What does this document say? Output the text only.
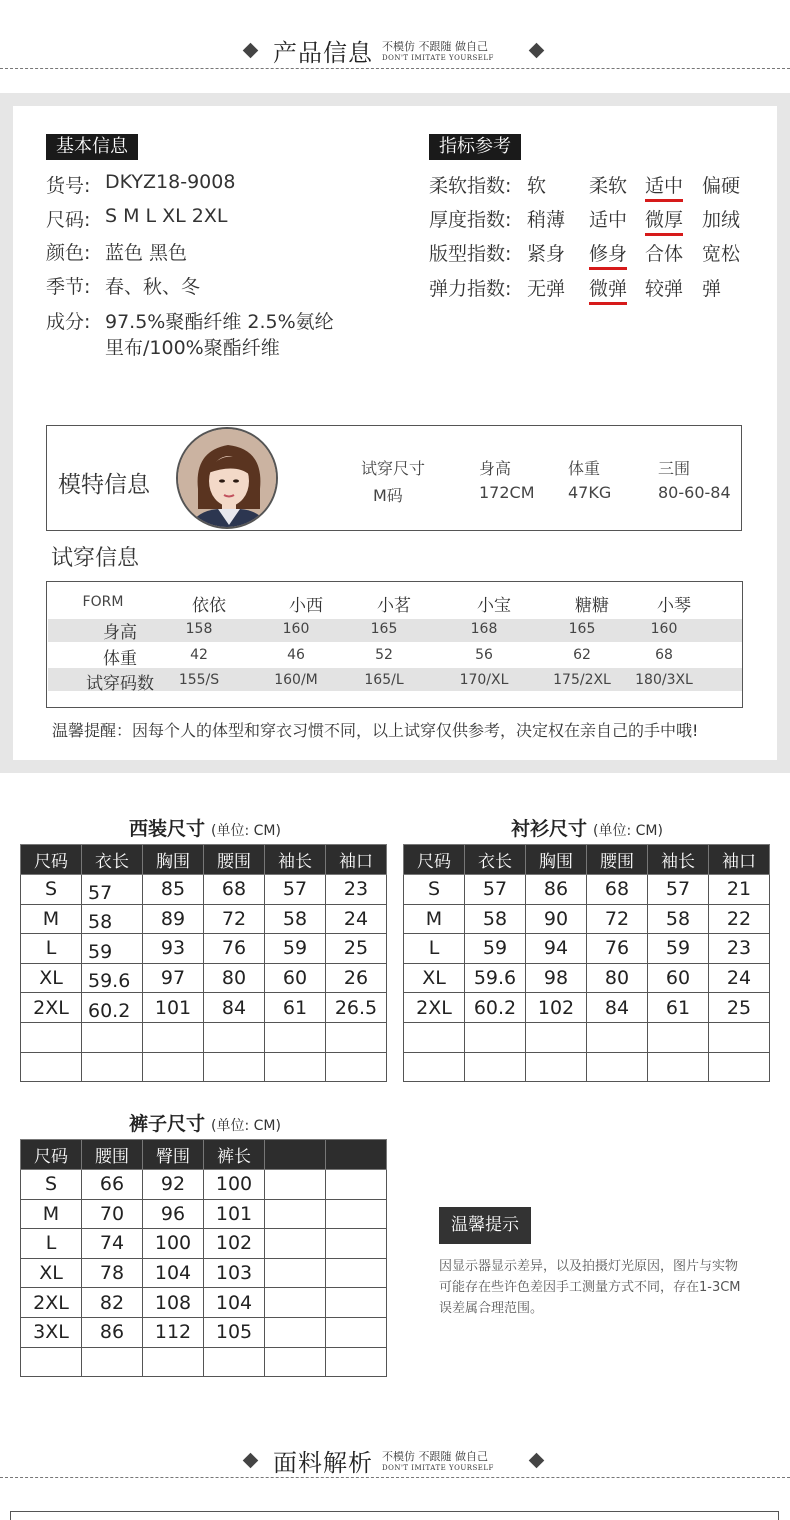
产品信息 不模仿 不跟随 做自己
DON'T IMITATE YOURSELF
基本信息
货号: DKYZ18-9008
尺码: S M L XL 2XL
颜色: 蓝色 黑色
季节: 春、秋、冬
成分: 97.5%聚酯纤维 2.5%氨纶
里布/100%聚酯纤维
指标参考
柔软指数: 软 柔软 适中 偏硬
厚度指数: 稍薄 适中 微厚 加绒
版型指数: 紧身 修身 合体 宽松
弹力指数: 无弹 微弹 较弹 弹
模特信息
试穿尺寸
M码
身高
172CM
体重
47KG
三围
80-60-84
试穿信息
FORM	依依	小西	小茗	小宝	糖糖	小琴
身高	158	160	165	168	165	160
体重	42	46	52	56	62	68
试穿码数 155/S	160/M	165/L	170/XL	175/2XL 180/3XL
温馨提醒：因每个人的体型和穿衣习惯不同，以上试穿仅供参考，决定权在亲自己的手中哦!
西装尺寸 (单位: CM)
尺码	衣长	胸围	腰围	袖长	袖口
S	57	85	68	57	23
M	58	89	72	58	24
L	59	93	76	59	25
XL	59.6	97	80	60	26
2XL	60.2	101	84	61	26.5

衬衫尺寸 (单位: CM)
尺码	衣长	胸围	腰围	袖长	袖口
S	57	86	68	57	21
M	58	90	72	58	22
L	59	94	76	59	23
XL	59.6	98	80	60	24
2XL	60.2	102	84	61	25

裤子尺寸 (单位: CM)
尺码	腰围	臀围	裤长		
S	66	92	100		
M	70	96	101		
L	74	100	102		
XL	78	104	103		
2XL	82	108	104		
3XL	86	112	105		

温馨提示
因显示器显示差异，以及拍摄灯光原因，图片与实物
可能存在些许色差因手工测量方式不同，存在1-3CM
误差属合理范围。
面料解析 不模仿 不跟随 做自己
DON'T IMITATE YOURSELF
